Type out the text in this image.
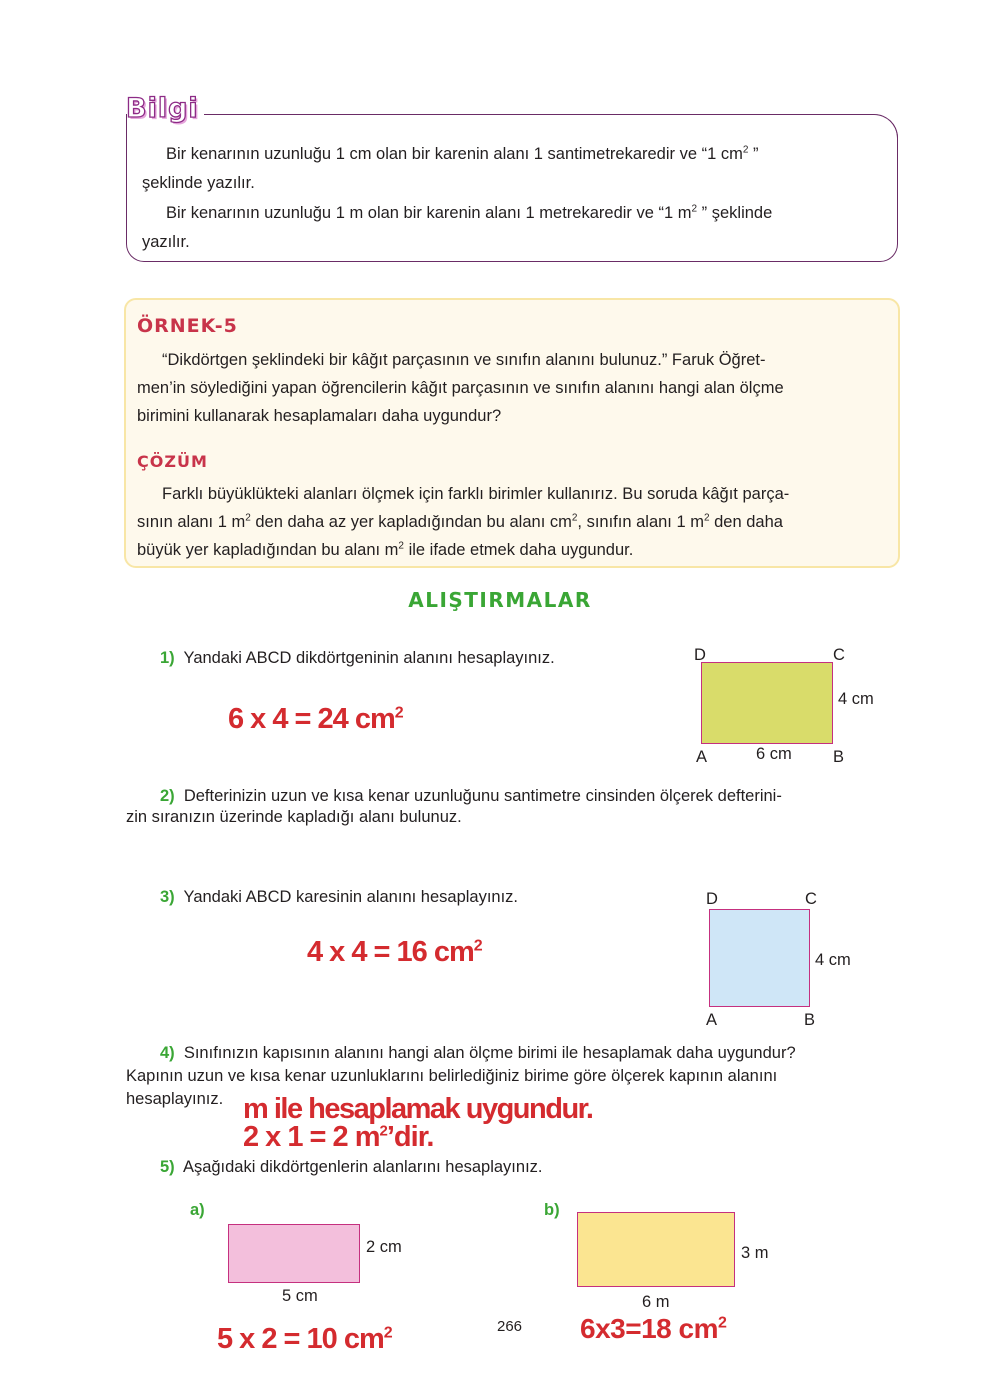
Bilgi
Bir kenarının uzunluğu 1 cm olan bir karenin alanı 1 santimetrekaredir ve “1 $cm^2$ ”
şeklinde yazılır.
Bir kenarının uzunluğu 1 m olan bir karenin alanı 1 metrekaredir ve “1 $m^2$ ” şeklinde
yazılır.
ÖRNEK-5
“Dikdörtgen şeklindeki bir kâğıt parçasının ve sınıfın alanını bulunuz.” Faruk Öğret-
men’in söylediğini yapan öğrencilerin kâğıt parçasının ve sınıfın alanını hangi alan ölçme
birimini kullanarak hesaplamaları daha uygundur?
ÇÖZÜM
Farklı büyüklükteki alanları ölçmek için farklı birimler kullanırız. Bu soruda kâğıt parça-
sının alanı 1 $m^2$ den daha az yer kapladığından bu alanı $cm^2$, sınıfın alanı 1 $m^2$ den daha
büyük yer kapladığından bu alanı $m^2$ ile ifade etmek daha uygundur.
ALIŞTIRMALAR
1) Yandaki ABCD dikdörtgeninin alanını hesaplayınız.
6 x 4 = 24 $cm^2$
D	C
A	B
4 cm
6 cm
2) Defterinizin uzun ve kısa kenar uzunluğunu santimetre cinsinden ölçerek defterini-
zin sıranızın üzerinde kapladığı alanı bulunuz.
3) Yandaki ABCD karesinin alanını hesaplayınız.
4 x 4 = 16 $cm^2$
D	C
A	B
4 cm
4) Sınıfınızın kapısının alanını hangi alan ölçme birimi ile hesaplamak daha uygundur?
Kapının uzun ve kısa kenar uzunluklarını belirlediğiniz birime göre ölçerek kapının alanını
hesaplayınız. m ile hesaplamak uygundur.
2 x 1 = 2 $m^2’dir$.
5) Aşağıdaki dikdörtgenlerin alanlarını hesaplayınız.
a)
2 cm
5 cm
5 x 2 = 10 $cm^2$
b)
3 m
6 m
6x3=18 $cm^2$
266
